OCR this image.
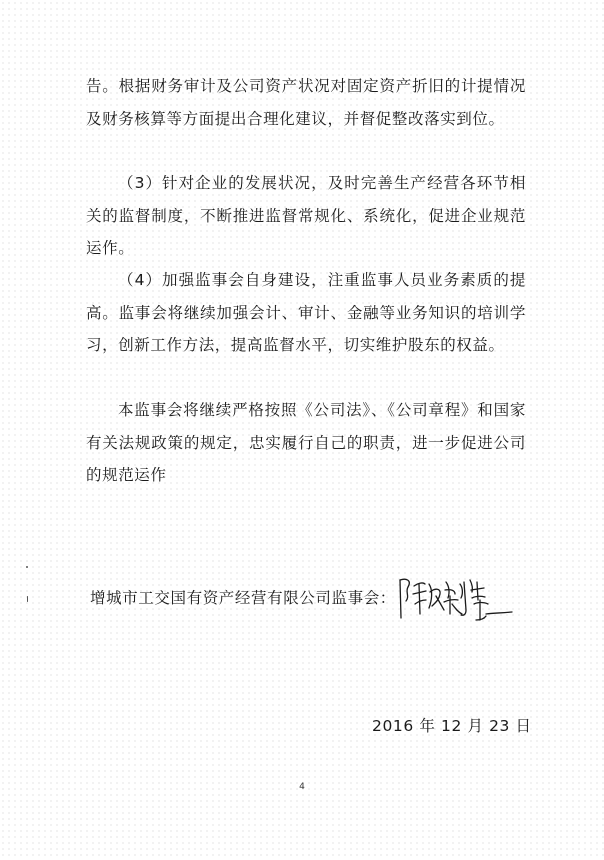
告。根据财务审计及公司资产状况对固定资产折旧的计提情况及财务核算等方面提出合理化建议，并督促整改落实到位。

（3）针对企业的发展状况，及时完善生产经营各环节相关的监督制度，不断推进监督常规化、系统化，促进企业规范运作。

（4）加强监事会自身建设，注重监事人员业务素质的提高。监事会将继续加强会计、审计、金融等业务知识的培训学习，创新工作方法，提高监督水平，切实维护股东的权益。

本监事会将继续严格按照《公司法》、《公司章程》和国家有关法规政策的规定，忠实履行自己的职责，进一步促进公司的规范运作

增城市工交国有资产经营有限公司监事会：
2016 年 12 月 23 日
4
